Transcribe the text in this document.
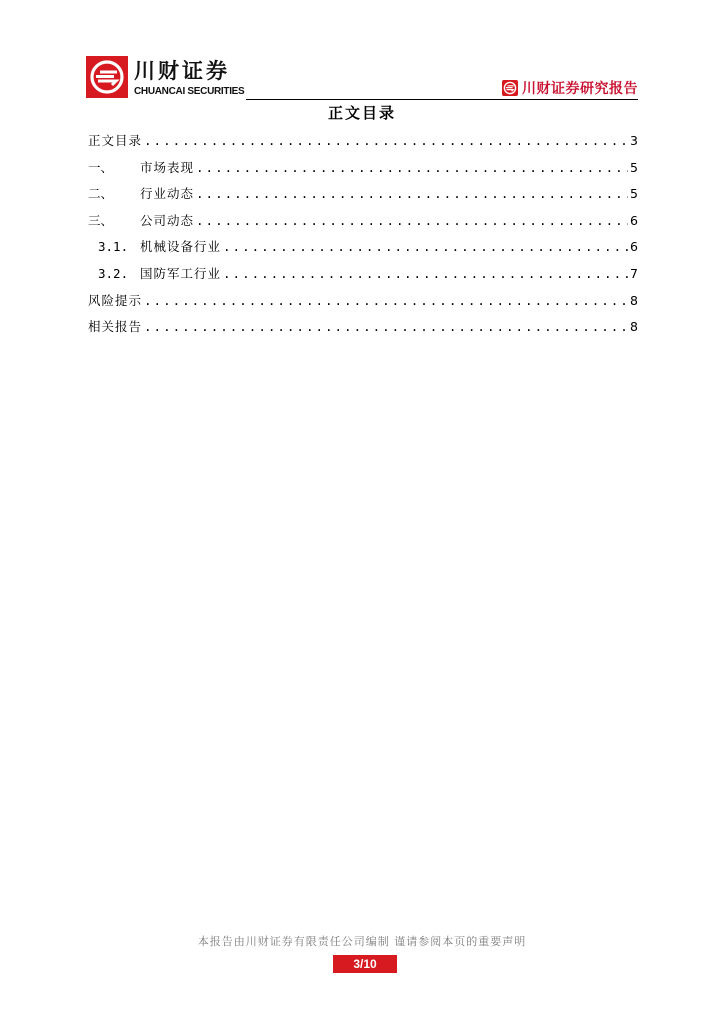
川财证券
CHUANCAI SECURITIES	川财证券研究报告
正文目录
正文目录 .....	3
一、	市场表现 .....	5
二、	行业动态 .....	5
三、	公司动态 .....	6
3.1. 机械设备行业 .....	6
3.2. 国防军工行业 .....	7
风险提示 .....	8
相关报告 .....	8
本报告由川财证券有限责任公司编制 谨请参阅本页的重要声明
3/10
